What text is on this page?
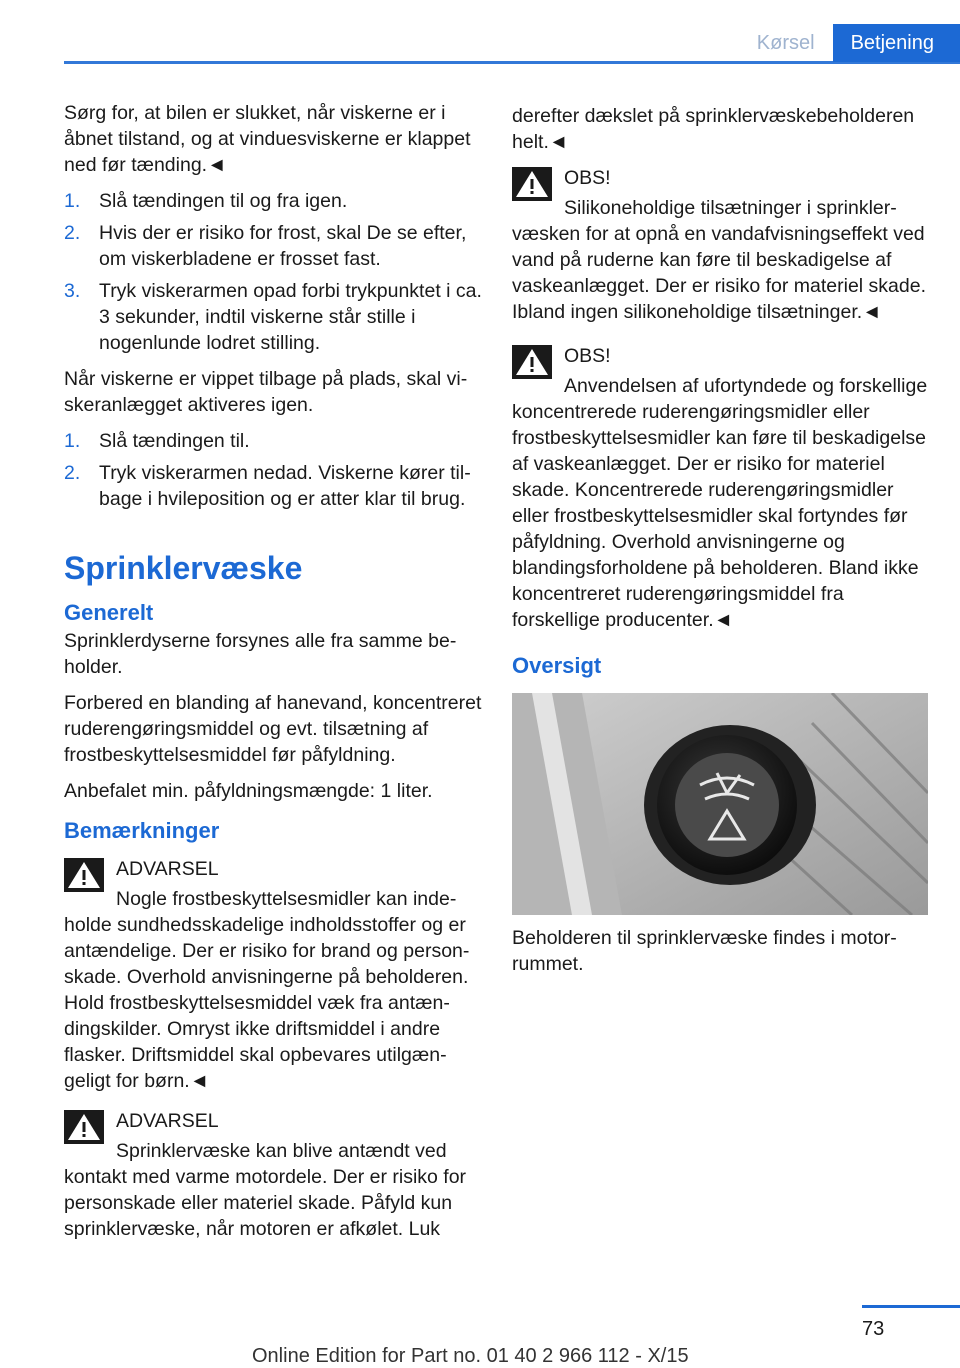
Kørsel	Betjening

Sørg for, at bilen er slukket, når viskerne er i åbnet tilstand, og at vinduesviskerne er klappet ned før tænding.◄

1. Slå tændingen til og fra igen.
2. Hvis der er risiko for frost, skal De se efter, om viskerbladene er frosset fast.
3. Tryk viskerarmen opad forbi trykpunktet i ca. 3 sekunder, indtil viskerne står stille i nogenlunde lodret stilling.

Når viskerne er vippet tilbage på plads, skal viskeranlægget aktiveres igen.

1. Slå tændingen til.
2. Tryk viskerarmen nedad. Viskerne kører tilbage i hvileposition og er atter klar til brug.
Sprinklervæske
Generelt

Sprinklerdyserne forsynes alle fra samme beholder.

Forbered en blanding af hanevand, koncentreret ruderengøringsmiddel og evt. tilsætning af frostbeskyttelsesmiddel før påfyldning.

Anbefalet min. påfyldningsmængde: 1 liter.

Bemærkninger
ADVARSEL
Nogle frostbeskyttelsesmidler kan indeholde sundhedsskadelige indholdsstoffer og er antændelige. Der er risiko for brand og personskade. Overhold anvisningerne på beholderen. Hold frostbeskyttelsesmiddel væk fra antændingskilder. Omryst ikke driftsmiddel i andre flasker. Driftsmiddel skal opbevares utilgængeligt for børn.◄
ADVARSEL
Sprinklervæske kan blive antændt ved kontakt med varme motordele. Der er risiko for personskade eller materiel skade. Påfyld kun sprinklervæske, når motoren er afkølet. Luk

derefter dækslet på sprinklervæskebeholderen helt.◄

OBS!
Silikoneholdige tilsætninger i sprinklervæsken for at opnå en vandafvisningseffekt ved vand på ruderne kan føre til beskadigelse af vaskeanlægget. Der er risiko for materiel skade. Ibland ingen silikoneholdige tilsætninger.◄
OBS!
Anvendelsen af ufortyndede og forskellige koncentrerede ruderengøringsmidler eller frostbeskyttelsesmidler kan føre til beskadigelse af vaskeanlægget. Der er risiko for materiel skade. Koncentrerede ruderengøringsmidler eller frostbeskyttelsesmidler skal fortyndes før påfyldning. Overhold anvisningerne og blandingsforholdene på beholderen. Bland ikke koncentreret ruderengøringsmiddel fra forskellige producenter.◄
Oversigt

Beholderen til sprinklervæske findes i motorrummet.

73
Online Edition for Part no. 01 40 2 966 112 - X/15
